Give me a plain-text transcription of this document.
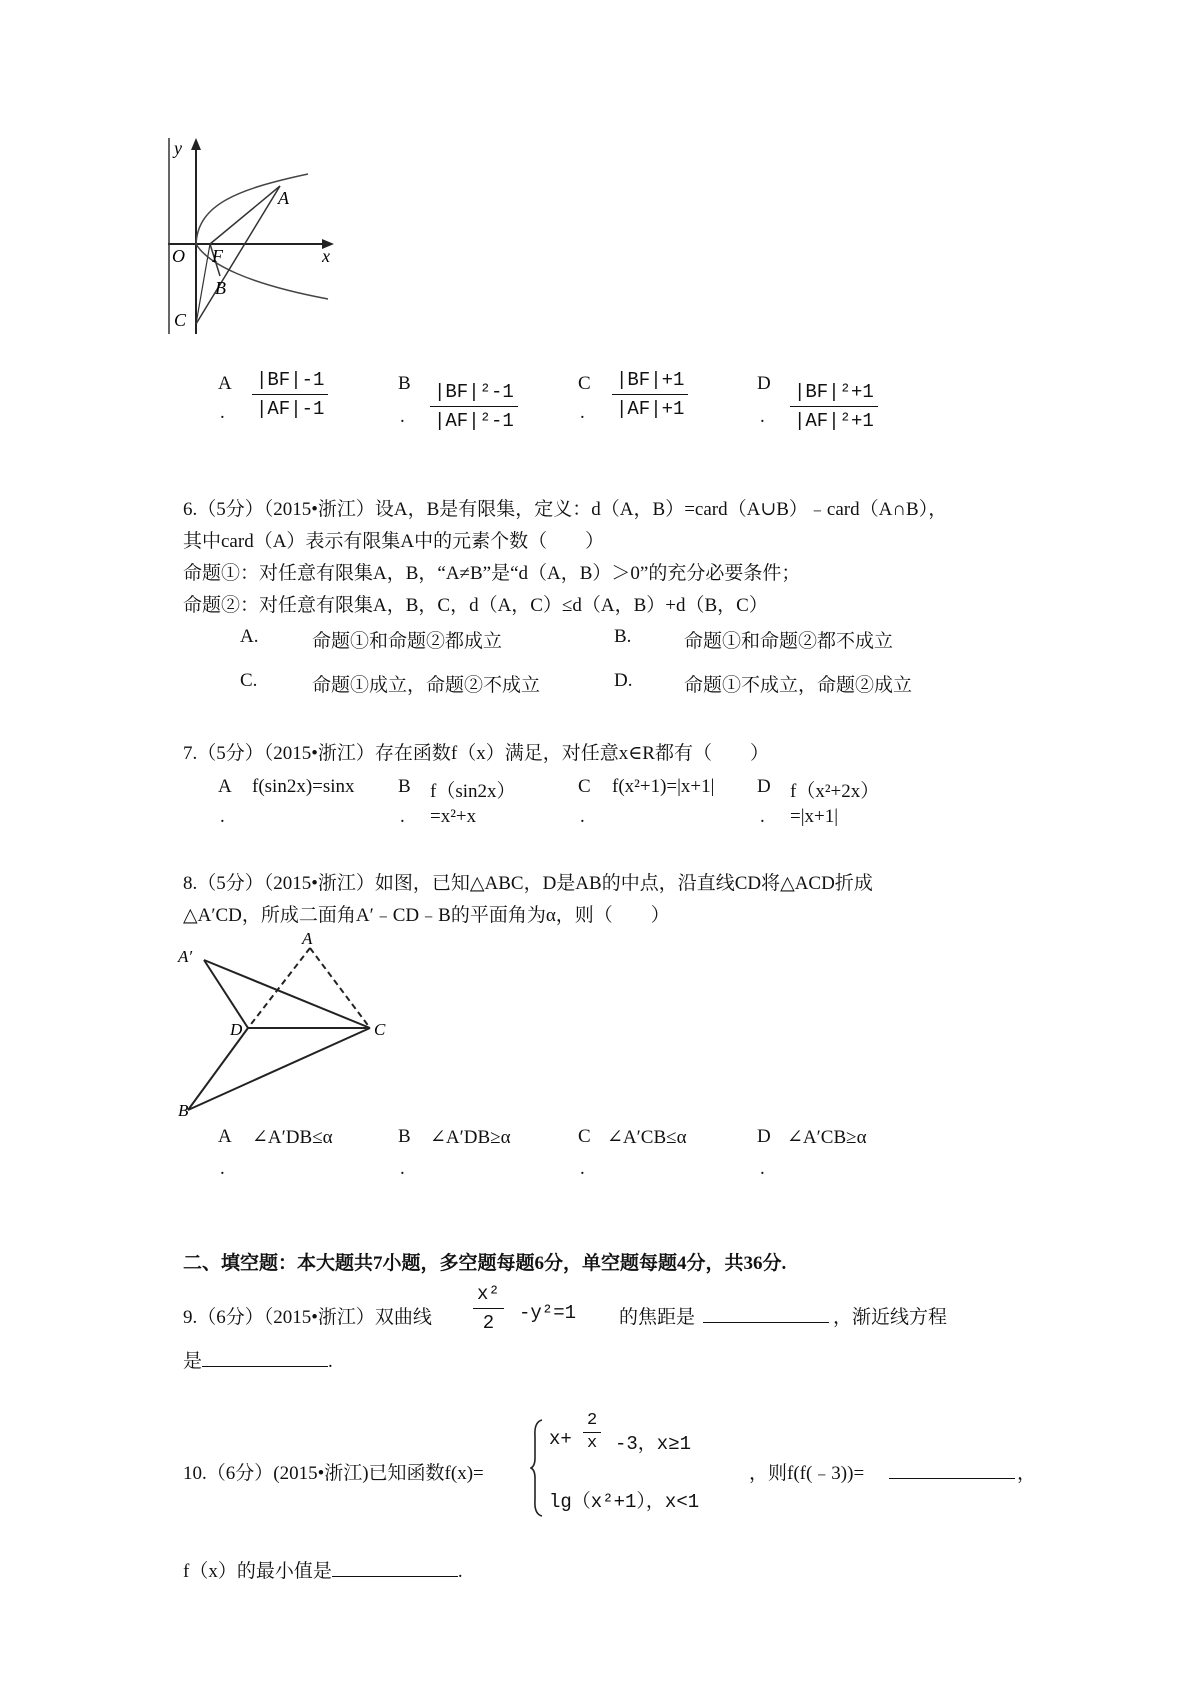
y
x
O F
A
B
C
A
.
|BF|-1
|AF|-1
B
.
|BF|²-1
|AF|²-1
C
.
|BF|+1
|AF|+1
D
.
|BF|²+1
|AF|²+1
6.（5分）（2015•浙江）设A，B是有限集，定义：d（A，B）=card（A∪B）﹣card（A∩B），
其中card（A）表示有限集A中的元素个数（　　）
命题①：对任意有限集A，B，“A≠B”是“d（A，B）＞0”的充分必要条件；
命题②：对任意有限集A，B，C，d（A，C）≤d（A，B）+d（B，C）
A.	命题①和命题②都成立	B.	命题①和命题②都不成立
C.	命题①成立，命题②不成立	D.	命题①不成立，命题②成立
7.（5分）（2015•浙江）存在函数f（x）满足，对任意x∈R都有（　　）
A
.
f(sin2x)=sinx B
.
f（sin2x）
=x²+x
C
.
f(x²+1)=|x+1| D
.
f（x²+2x）
=|x+1|
8.（5分）（2015•浙江）如图，已知△ABC，D是AB的中点，沿直线CD将△ACD折成
△A′CD，所成二面角A′﹣CD﹣B的平面角为α，则（　　）
A
A′
D	C
B
A
.
∠A′DB≤α	B
.
∠A′DB≥α	C
.
∠A′CB≤α	D
.
∠A′CB≥α
二、填空题：本大题共7小题，多空题每题6分，单空题每题4分，共36分.
9.（6分）（2015•浙江）双曲线
x²
2 -y²=1 的焦距是	，渐近线方程
是	.
10.（6分）(2015•浙江)已知函数f(x)=
x+
2
x -3，x≥1
lg（x²+1），x<1
，则f(f(﹣3))=	，
f（x）的最小值是	.
